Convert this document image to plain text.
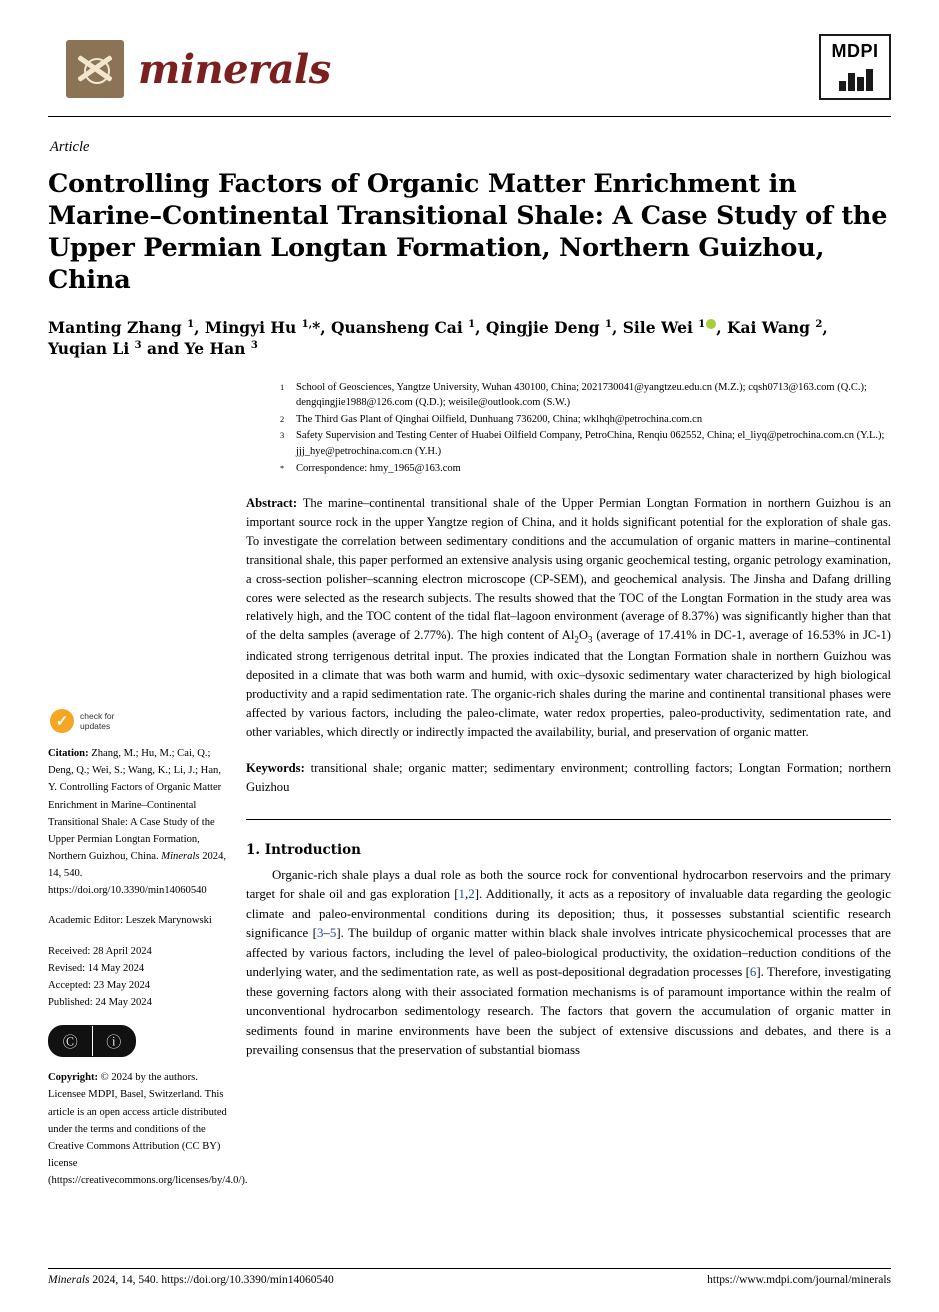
minerals	MDPI
Article
Controlling Factors of Organic Matter Enrichment in Marine–Continental Transitional Shale: A Case Study of the Upper Permian Longtan Formation, Northern Guizhou, China
Manting Zhang $^1$, Mingyi Hu $^{1,}$*, Quansheng Cai $^1$, Qingjie Deng $^1$, Sile Wei $^1$ , Kai Wang $^2$, Yuqian Li $^3$ and Ye Han $^3$
1	School of Geosciences, Yangtze University, Wuhan 430100, China; 2021730041@yangtzeu.edu.cn (M.Z.); cqsh0713@163.com (Q.C.); dengqingjie1988@126.com (Q.D.); weisile@outlook.com (S.W.)
2	The Third Gas Plant of Qinghai Oilfield, Dunhuang 736200, China; wklhqh@petrochina.com.cn
3	Safety Supervision and Testing Center of Huabei Oilfield Company, PetroChina, Renqiu 062552, China; el_liyq@petrochina.com.cn (Y.L.); jjj_hye@petrochina.com.cn (Y.H.)
*	Correspondence: hmy_1965@163.com
✓	check for
updates
Citation: Zhang, M.; Hu, M.; Cai, Q.; Deng, Q.; Wei, S.; Wang, K.; Li, J.; Han, Y. Controlling Factors of Organic Matter Enrichment in Marine–Continental Transitional Shale: A Case Study of the Upper Permian Longtan Formation, Northern Guizhou, China. Minerals 2024, 14, 540. https://doi.org/10.3390/min14060540
Academic Editor: Leszek Marynowski
Received: 28 April 2024
Revised: 14 May 2024
Accepted: 23 May 2024
Published: 24 May 2024
Ⓒ	ⓘ
Copyright: © 2024 by the authors. Licensee MDPI, Basel, Switzerland. This article is an open access article distributed under the terms and conditions of the Creative Commons Attribution (CC BY) license (https://creativecommons.org/licenses/by/4.0/).
Abstract: The marine–continental transitional shale of the Upper Permian Longtan Formation in northern Guizhou is an important source rock in the upper Yangtze region of China, and it holds significant potential for the exploration of shale gas. To investigate the correlation between sedimentary conditions and the accumulation of organic matters in marine–continental transitional shale, this paper performed an extensive analysis using organic geochemical testing, organic petrology examination, a cross-section polisher–scanning electron microscope (CP-SEM), and geochemical analysis. The Jinsha and Dafang drilling cores were selected as the research subjects. The results showed that the TOC of the Longtan Formation in the study area was relatively high, and the TOC content of the tidal flat–lagoon environment (average of 8.37%) was significantly higher than that of the delta samples (average of 2.77%). The high content of $Al_2O_3$ (average of 17.41% in DC-1, average of 16.53% in JC-1) indicated strong terrigenous detrital input. The proxies indicated that the Longtan Formation shale in northern Guizhou was deposited in a climate that was both warm and humid, with oxic–dysoxic sedimentary water characterized by high biological productivity and a rapid sedimentation rate. The organic-rich shales during the marine and continental transitional phases were affected by various factors, including the paleo-climate, water redox properties, paleo-productivity, sedimentation rate, and other variables, which directly or indirectly impacted the availability, burial, and preservation of organic matter.
Keywords: transitional shale; organic matter; sedimentary environment; controlling factors; Longtan Formation; northern Guizhou
1. Introduction

Organic-rich shale plays a dual role as both the source rock for conventional hydrocarbon reservoirs and the primary target for shale oil and gas exploration [1,2]. Additionally, it acts as a repository of invaluable data regarding the geologic climate and paleo-environmental conditions during its deposition; thus, it possesses substantial scientific research significance [3–5]. The buildup of organic matter within black shale involves intricate physicochemical processes that are affected by various factors, including the level of paleo-biological productivity, the oxidation–reduction conditions of the underlying water, and the sedimentation rate, as well as post-depositional degradation processes [6]. Therefore, investigating these governing factors along with their associated formation mechanisms is of paramount importance within the realm of unconventional hydrocarbon sedimentology research. The factors that govern the accumulation of organic matter in sediments found in marine environments have been the subject of extensive discussions and debates, and there is a prevailing consensus that the preservation of substantial biomass

Minerals 2024, 14, 540. https://doi.org/10.3390/min14060540	https://www.mdpi.com/journal/minerals
